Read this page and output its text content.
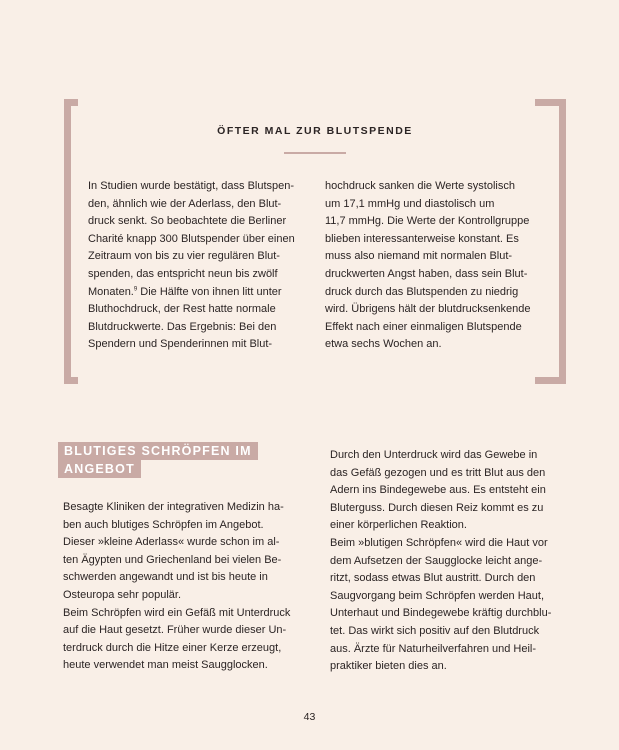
ÖFTER MAL ZUR BLUTSPENDE
In Studien wurde bestätigt, dass Blutspen-
den, ähnlich wie der Aderlass, den Blut-
druck senkt. So beobachtete die Berliner
Charité knapp 300 Blutspender über einen
Zeitraum von bis zu vier regulären Blut-
spenden, das entspricht neun bis zwölf
Monaten.$^9$ Die Hälfte von ihnen litt unter
Bluthochdruck, der Rest hatte normale
Blutdruckwerte. Das Ergebnis: Bei den
Spendern und Spenderinnen mit Blut-
hochdruck sanken die Werte systolisch
um 17,1 mmHg und diastolisch um
11,7 mmHg. Die Werte der Kontrollgruppe
blieben interessanterweise konstant. Es
muss also niemand mit normalen Blut-
druckwerten Angst haben, dass sein Blut-
druck durch das Blutspenden zu niedrig
wird. Übrigens hält der blutdrucksenkende
Effekt nach einer einmaligen Blutspende
etwa sechs Wochen an.
BLUTIGES SCHRÖPFEN IM
ANGEBOT
Besagte Kliniken der integrativen Medizin ha-
ben auch blutiges Schröpfen im Angebot.
Dieser »kleine Aderlass« wurde schon im al-
ten Ägypten und Griechenland bei vielen Be-
schwerden angewandt und ist bis heute in
Osteuropa sehr populär.
Beim Schröpfen wird ein Gefäß mit Unterdruck
auf die Haut gesetzt. Früher wurde dieser Un-
terdruck durch die Hitze einer Kerze erzeugt,
heute verwendet man meist Saugglocken.
Durch den Unterdruck wird das Gewebe in
das Gefäß gezogen und es tritt Blut aus den
Adern ins Bindegewebe aus. Es entsteht ein
Bluterguss. Durch diesen Reiz kommt es zu
einer körperlichen Reaktion.
Beim »blutigen Schröpfen« wird die Haut vor
dem Aufsetzen der Saugglocke leicht ange-
ritzt, sodass etwas Blut austritt. Durch den
Saugvorgang beim Schröpfen werden Haut,
Unterhaut und Bindegewebe kräftig durchblu-
tet. Das wirkt sich positiv auf den Blutdruck
aus. Ärzte für Naturheilverfahren und Heil-
praktiker bieten dies an.
43
